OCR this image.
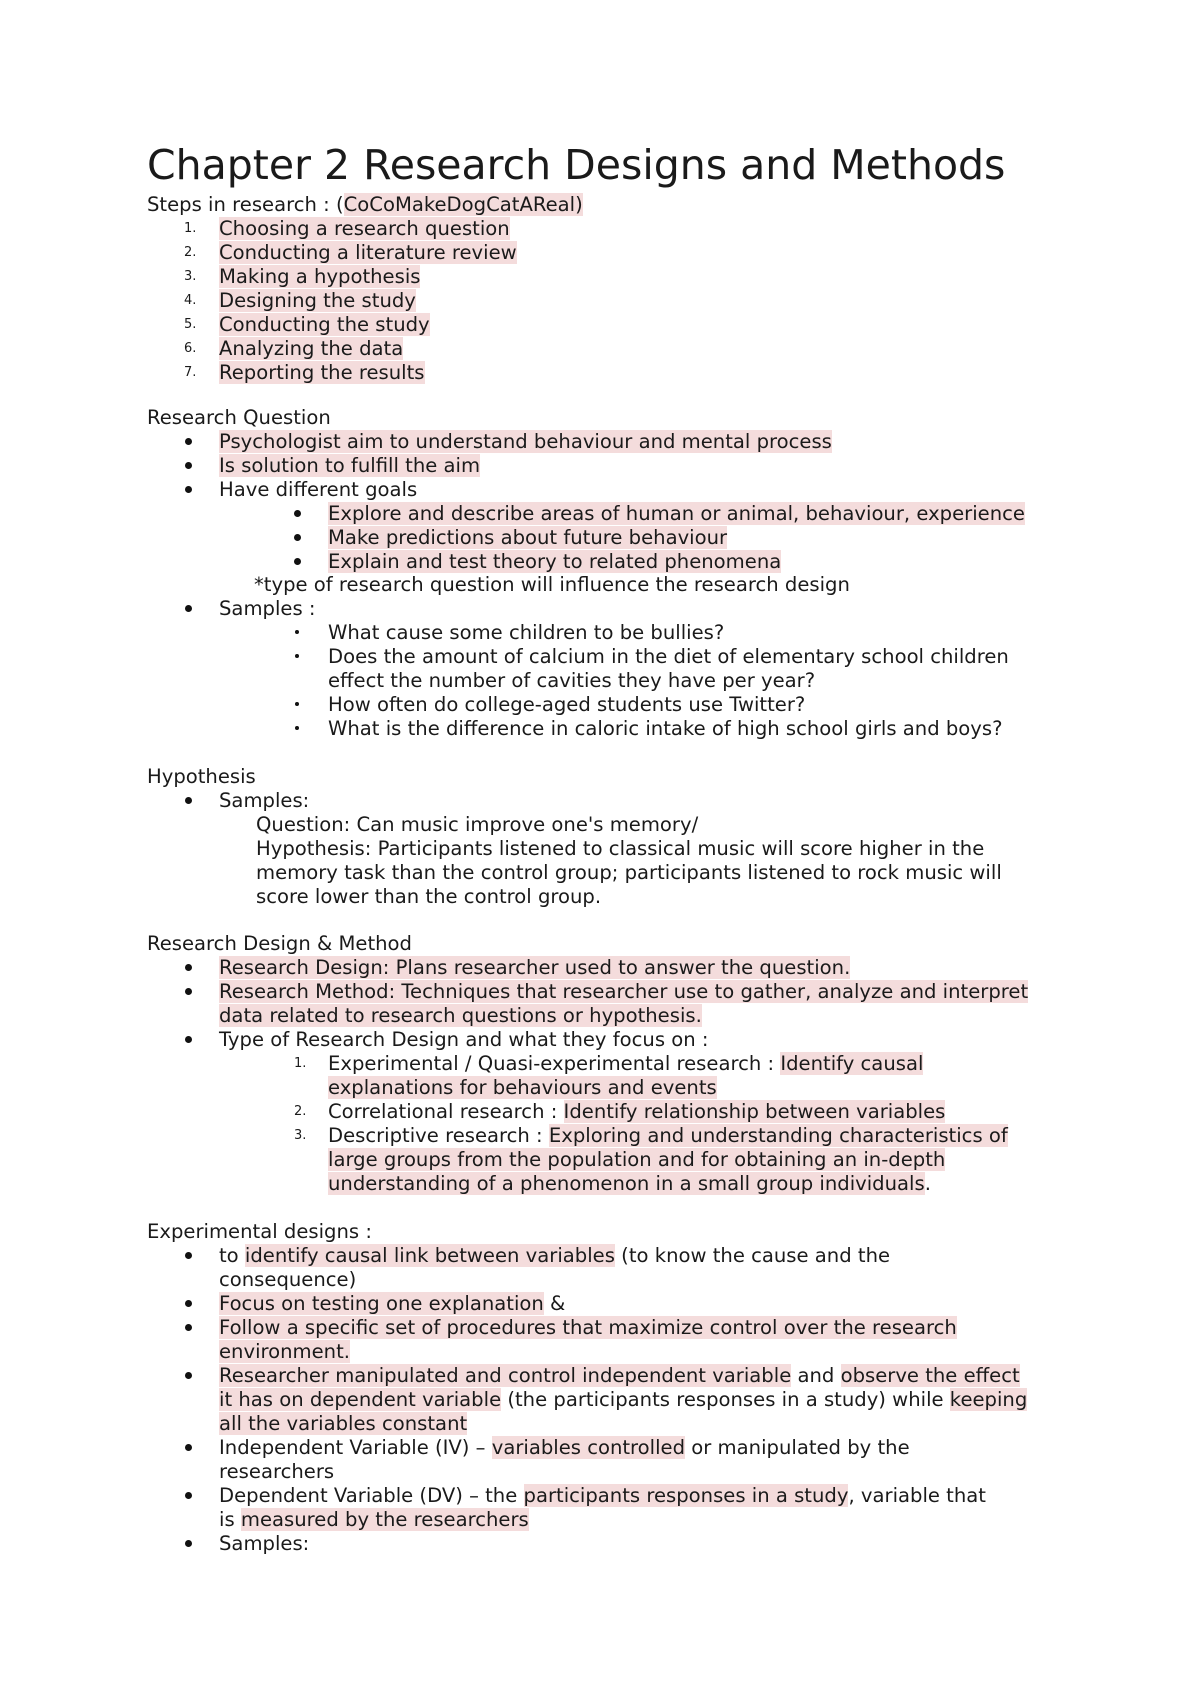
Chapter 2 Research Designs and Methods
Steps in research : (CoCoMakeDogCatAReal)
1.	Choosing a research question
2.	Conducting a literature review
3.	Making a hypothesis
4.	Designing the study
5.	Conducting the study
6.	Analyzing the data
7.	Reporting the results
Research Question
Psychologist aim to understand behaviour and mental process
Is solution to fulfill the aim
Have different goals
Explore and describe areas of human or animal, behaviour, experience
Make predictions about future behaviour
Explain and test theory to related phenomena
*type of research question will influence the research design
Samples :
What cause some children to be bullies?
Does the amount of calcium in the diet of elementary school children
effect the number of cavities they have per year?
How often do college-aged students use Twitter?
What is the difference in caloric intake of high school girls and boys?
Hypothesis
Samples:
Question: Can music improve one's memory/
Hypothesis: Participants listened to classical music will score higher in the
memory task than the control group; participants listened to rock music will
score lower than the control group.
Research Design & Method
Research Design: Plans researcher used to answer the question.
Research Method: Techniques that researcher use to gather, analyze and interpret
data related to research questions or hypothesis.
Type of Research Design and what they focus on :
1.	Experimental / Quasi-experimental research : Identify causal
explanations for behaviours and events
2.	Correlational research : Identify relationship between variables
3.	Descriptive research : Exploring and understanding characteristics of
large groups from the population and for obtaining an in-depth
understanding of a phenomenon in a small group individuals.
Experimental designs :
to identify causal link between variables (to know the cause and the
consequence)
Focus on testing one explanation &
Follow a specific set of procedures that maximize control over the research
environment.
Researcher manipulated and control independent variable and observe the effect
it has on dependent variable (the participants responses in a study) while keeping
all the variables constant
Independent Variable (IV) – variables controlled or manipulated by the
researchers
Dependent Variable (DV) – the participants responses in a study, variable that
is measured by the researchers
Samples:
